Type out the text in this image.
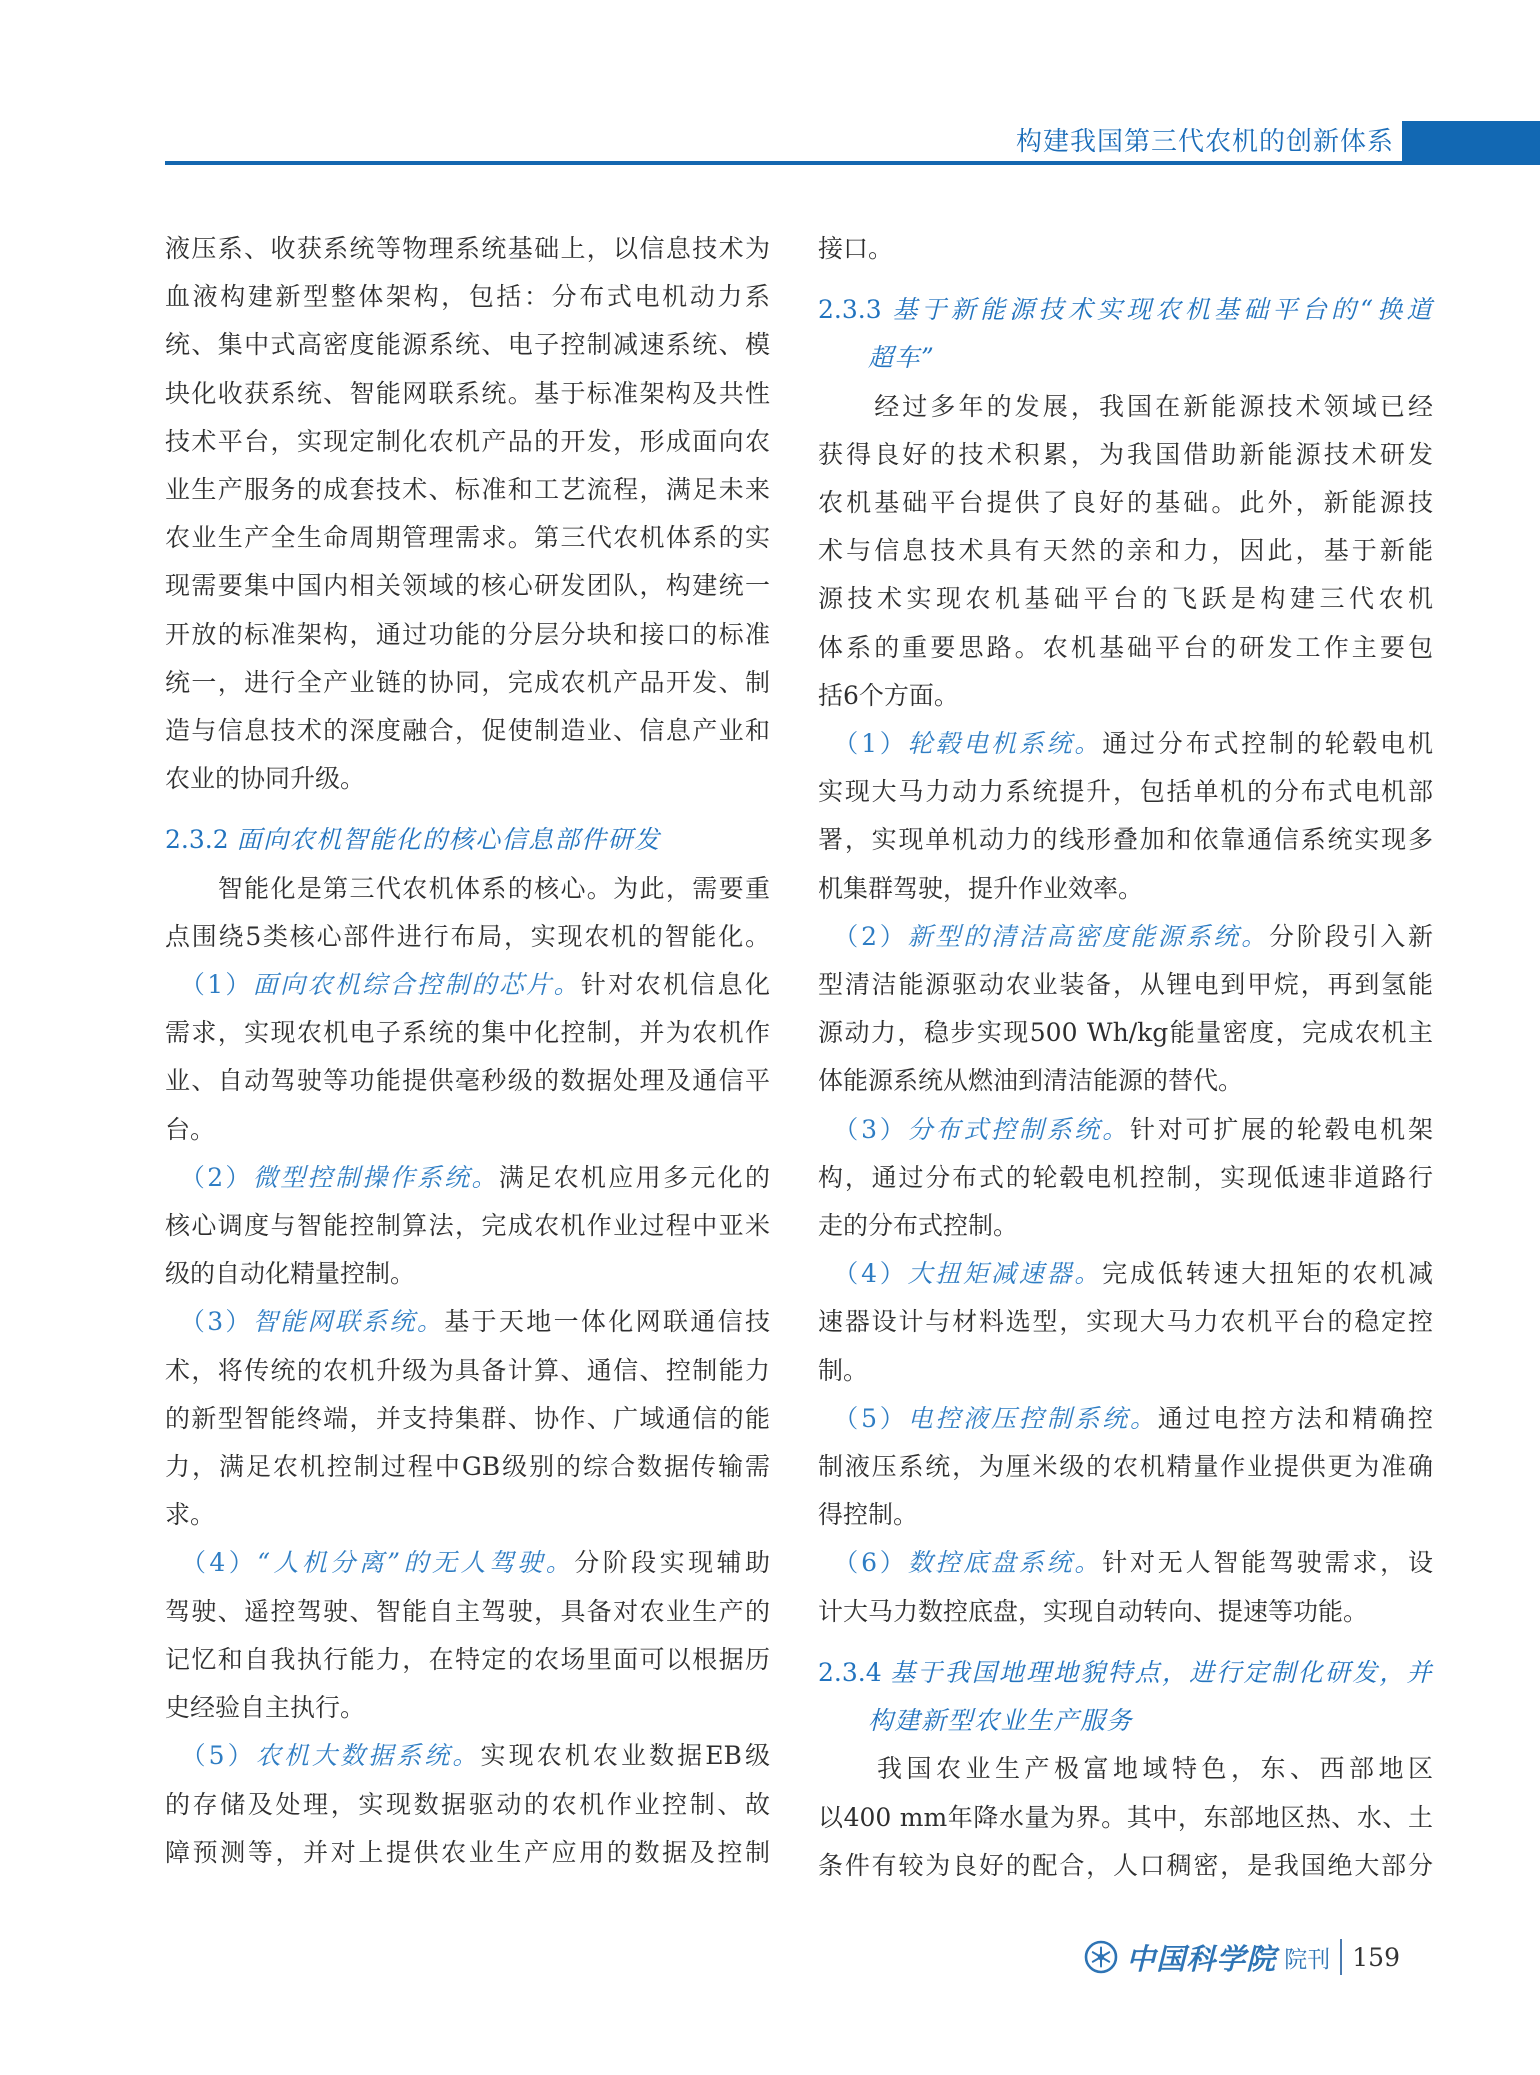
构建我国第三代农机的创新体系
液压系、收获系统等物理系统基础上，以信息技术为
血液构建新型整体架构，包括：分布式电机动力系
统、集中式高密度能源系统、电子控制减速系统、模
块化收获系统、智能网联系统。基于标准架构及共性
技术平台，实现定制化农机产品的开发，形成面向农
业生产服务的成套技术、标准和工艺流程，满足未来
农业生产全生命周期管理需求。第三代农机体系的实
现需要集中国内相关领域的核心研发团队，构建统一
开放的标准架构，通过功能的分层分块和接口的标准
统一，进行全产业链的协同，完成农机产品开发、制
造与信息技术的深度融合，促使制造业、信息产业和
农业的协同升级。
2.3.2 面向农机智能化的核心信息部件研发
　　智能化是第三代农机体系的核心。为此，需要重
点围绕5类核心部件进行布局，实现农机的智能化。
　（1）面向农机综合控制的芯片。针对农机信息化
需求，实现农机电子系统的集中化控制，并为农机作
业、自动驾驶等功能提供毫秒级的数据处理及通信平
台。
　（2）微型控制操作系统。满足农机应用多元化的
核心调度与智能控制算法，完成农机作业过程中亚米
级的自动化精量控制。
　（3）智能网联系统。基于天地一体化网联通信技
术，将传统的农机升级为具备计算、通信、控制能力
的新型智能终端，并支持集群、协作、广域通信的能
力，满足农机控制过程中GB级别的综合数据传输需
求。
　（4）“人机分离”的无人驾驶。分阶段实现辅助
驾驶、遥控驾驶、智能自主驾驶，具备对农业生产的
记忆和自我执行能力，在特定的农场里面可以根据历
史经验自主执行。
　（5）农机大数据系统。实现农机农业数据EB级
的存储及处理，实现数据驱动的农机作业控制、故
障预测等，并对上提供农业生产应用的数据及控制
接口。
2.3.3 基于新能源技术实现农机基础平台的“换道
超车”
　　经过多年的发展，我国在新能源技术领域已经
获得良好的技术积累，为我国借助新能源技术研发
农机基础平台提供了良好的基础。此外，新能源技
术与信息技术具有天然的亲和力，因此，基于新能
源技术实现农机基础平台的飞跃是构建三代农机
体系的重要思路。农机基础平台的研发工作主要包
括6个方面。
　（1）轮毂电机系统。通过分布式控制的轮毂电机
实现大马力动力系统提升，包括单机的分布式电机部
署，实现单机动力的线形叠加和依靠通信系统实现多
机集群驾驶，提升作业效率。
　（2）新型的清洁高密度能源系统。分阶段引入新
型清洁能源驱动农业装备，从锂电到甲烷，再到氢能
源动力，稳步实现500 Wh/kg能量密度，完成农机主
体能源系统从燃油到清洁能源的替代。
　（3）分布式控制系统。针对可扩展的轮毂电机架
构，通过分布式的轮毂电机控制，实现低速非道路行
走的分布式控制。
　（4）大扭矩减速器。完成低转速大扭矩的农机减
速器设计与材料选型，实现大马力农机平台的稳定控
制。
　（5）电控液压控制系统。通过电控方法和精确控
制液压系统，为厘米级的农机精量作业提供更为准确
得控制。
　（6）数控底盘系统。针对无人智能驾驶需求，设
计大马力数控底盘，实现自动转向、提速等功能。
2.3.4 基于我国地理地貌特点，进行定制化研发，并
构建新型农业生产服务
　　我国农业生产极富地域特色，东、西部地区
以400 mm年降水量为界。其中，东部地区热、水、土
条件有较为良好的配合，人口稠密，是我国绝大部分
中国科学院 院刊 159
